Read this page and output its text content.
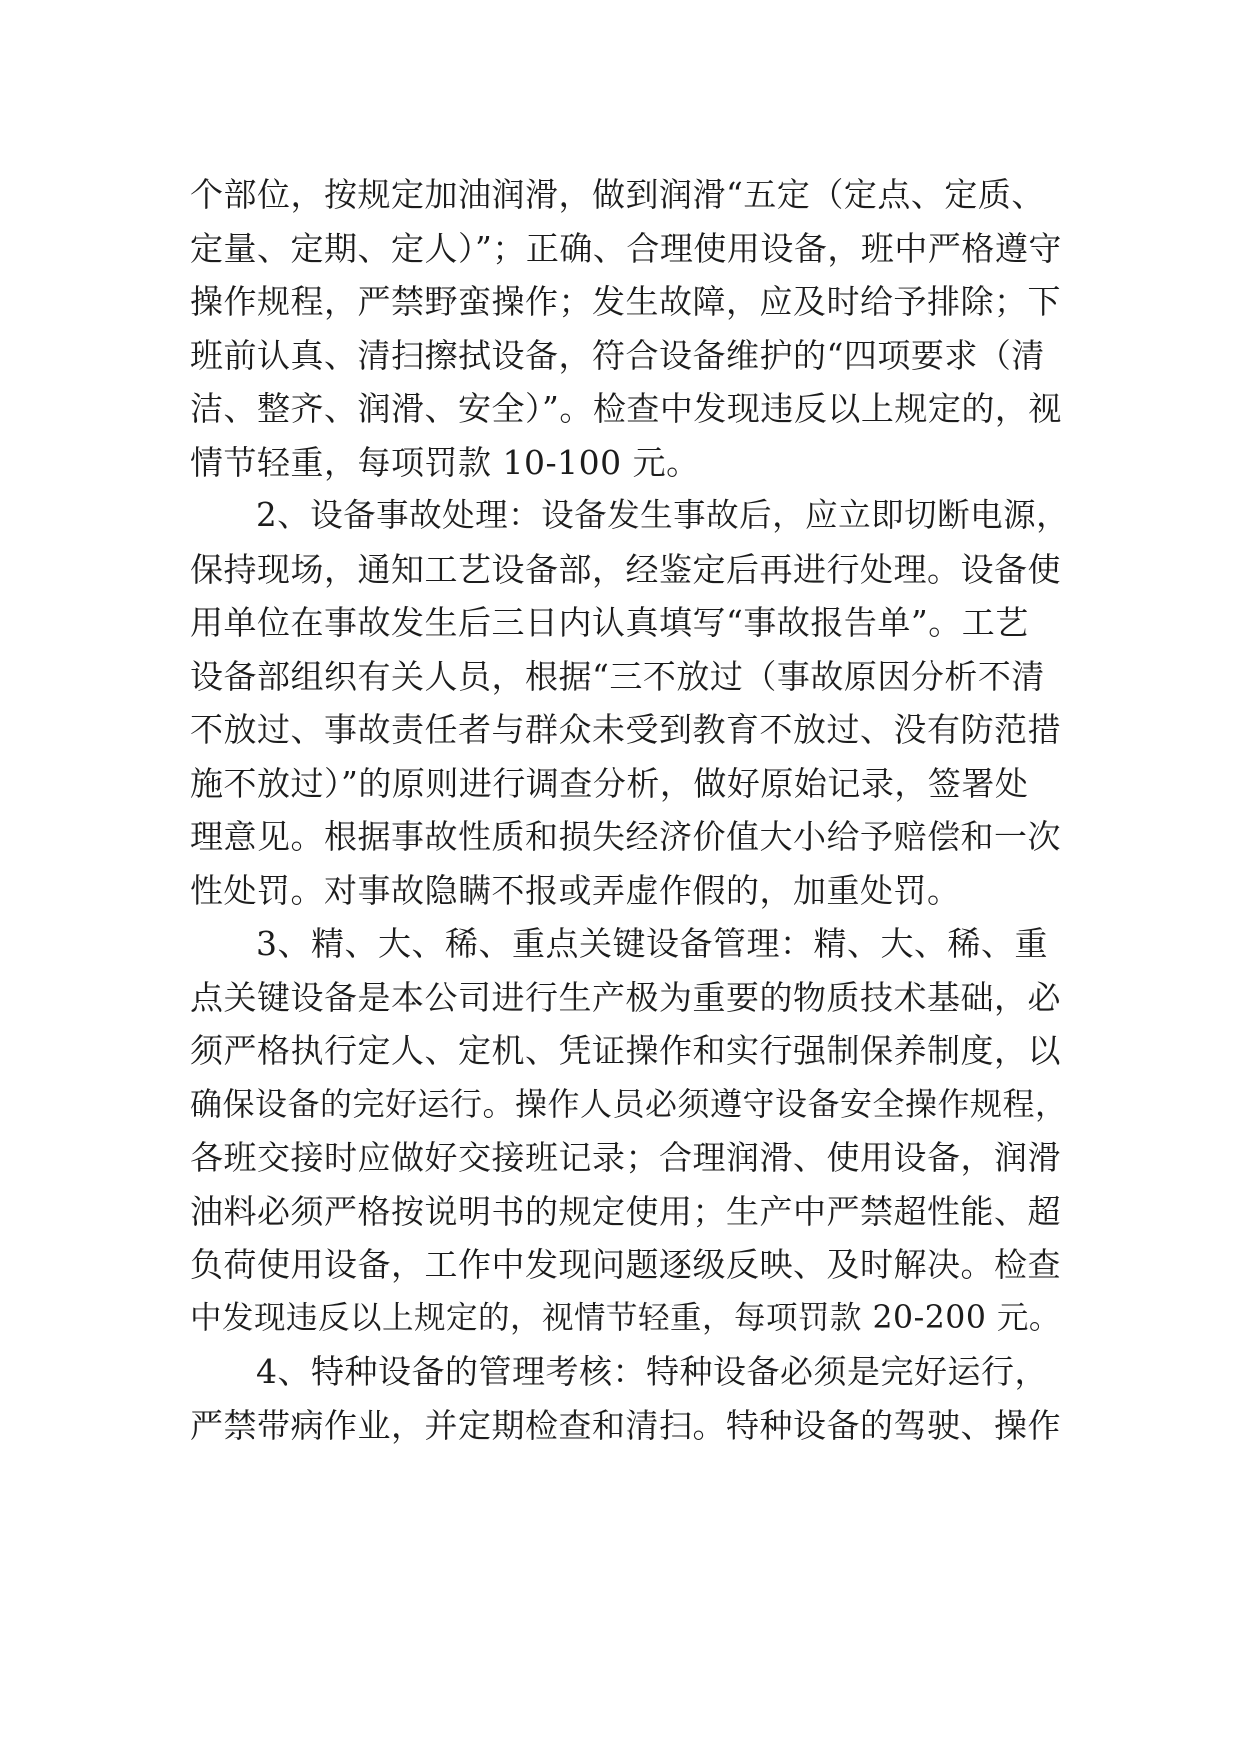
个部位，按规定加油润滑，做到润滑“五定（定点、定质、
定量、定期、定人）”；正确、合理使用设备，班中严格遵守
操作规程，严禁野蛮操作；发生故障，应及时给予排除；下
班前认真、清扫擦拭设备，符合设备维护的“四项要求（清
洁、整齐、润滑、安全）”。检查中发现违反以上规定的，视
情节轻重，每项罚款 10-100 元。

2、设备事故处理：设备发生事故后，应立即切断电源，
保持现场，通知工艺设备部，经鉴定后再进行处理。设备使
用单位在事故发生后三日内认真填写“事故报告单”。工艺
设备部组织有关人员，根据“三不放过（事故原因分析不清
不放过、事故责任者与群众未受到教育不放过、没有防范措
施不放过）”的原则进行调查分析，做好原始记录，签署处
理意见。根据事故性质和损失经济价值大小给予赔偿和一次
性处罚。对事故隐瞒不报或弄虚作假的，加重处罚。

3、精、大、稀、重点关键设备管理：精、大、稀、重
点关键设备是本公司进行生产极为重要的物质技术基础，必
须严格执行定人、定机、凭证操作和实行强制保养制度，以
确保设备的完好运行。操作人员必须遵守设备安全操作规程，
各班交接时应做好交接班记录；合理润滑、使用设备，润滑
油料必须严格按说明书的规定使用；生产中严禁超性能、超
负荷使用设备，工作中发现问题逐级反映、及时解决。检查
中发现违反以上规定的，视情节轻重，每项罚款 20-200 元。

4、特种设备的管理考核：特种设备必须是完好运行，
严禁带病作业，并定期检查和清扫。特种设备的驾驶、操作
